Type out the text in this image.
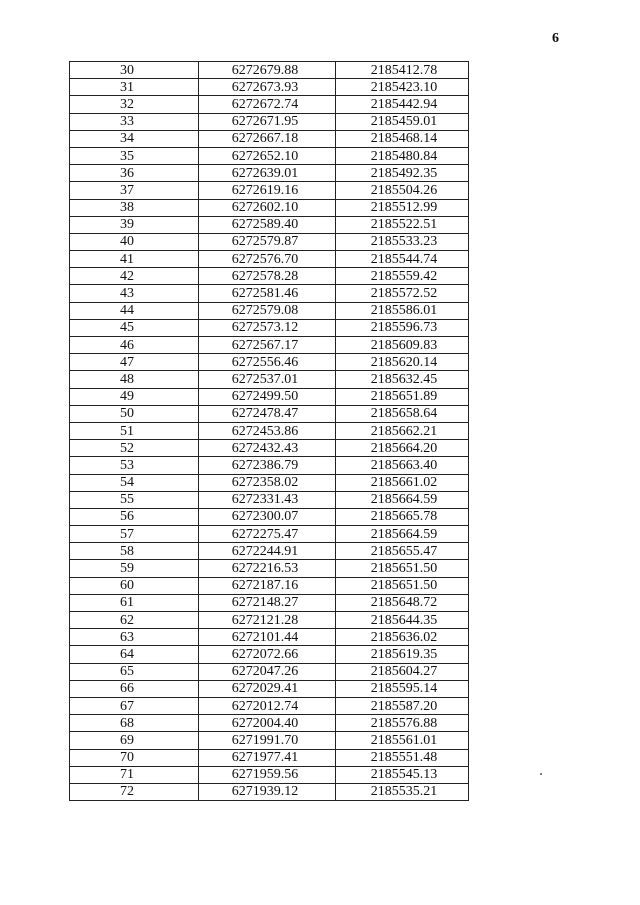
6
30	6272679.88	2185412.78
31	6272673.93	2185423.10
32	6272672.74	2185442.94
33	6272671.95	2185459.01
34	6272667.18	2185468.14
35	6272652.10	2185480.84
36	6272639.01	2185492.35
37	6272619.16	2185504.26
38	6272602.10	2185512.99
39	6272589.40	2185522.51
40	6272579.87	2185533.23
41	6272576.70	2185544.74
42	6272578.28	2185559.42
43	6272581.46	2185572.52
44	6272579.08	2185586.01
45	6272573.12	2185596.73
46	6272567.17	2185609.83
47	6272556.46	2185620.14
48	6272537.01	2185632.45
49	6272499.50	2185651.89
50	6272478.47	2185658.64
51	6272453.86	2185662.21
52	6272432.43	2185664.20
53	6272386.79	2185663.40
54	6272358.02	2185661.02
55	6272331.43	2185664.59
56	6272300.07	2185665.78
57	6272275.47	2185664.59
58	6272244.91	2185655.47
59	6272216.53	2185651.50
60	6272187.16	2185651.50
61	6272148.27	2185648.72
62	6272121.28	2185644.35
63	6272101.44	2185636.02
64	6272072.66	2185619.35
65	6272047.26	2185604.27
66	6272029.41	2185595.14
67	6272012.74	2185587.20
68	6272004.40	2185576.88
69	6271991.70	2185561.01
70	6271977.41	2185551.48
71	6271959.56	2185545.13
72	6271939.12	2185535.21
